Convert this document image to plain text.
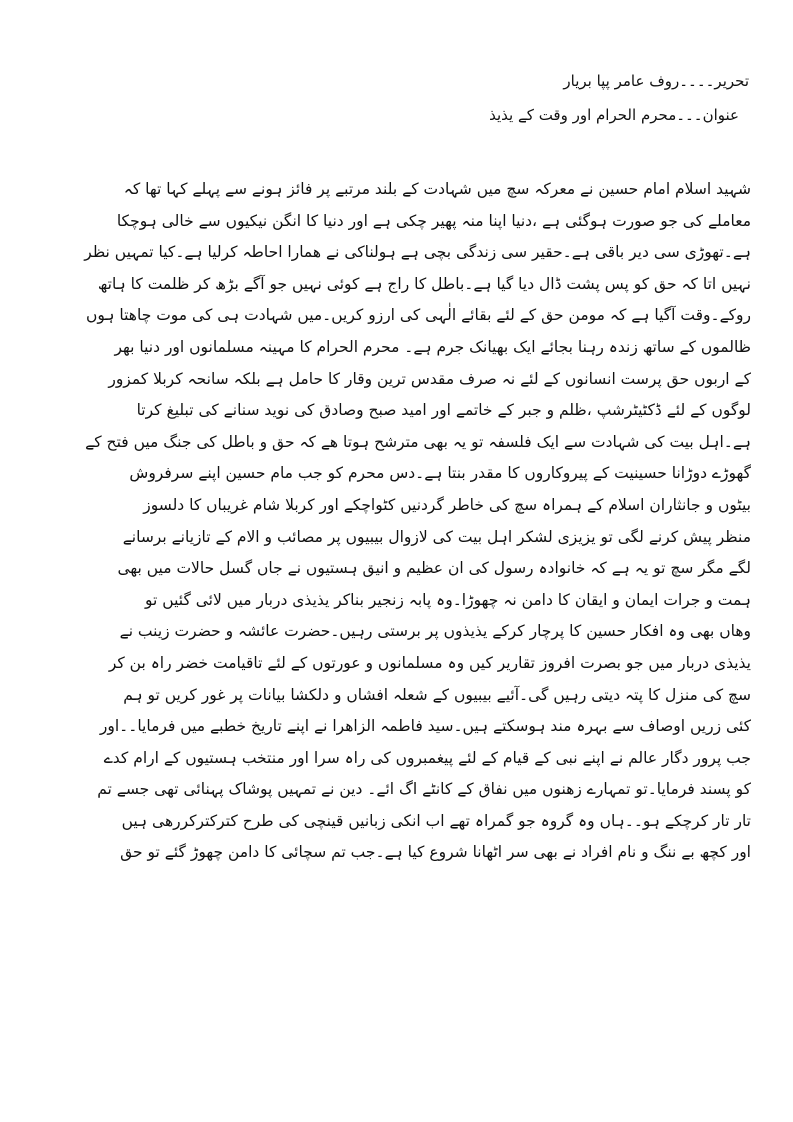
تحریر۔۔۔۔روف عامر پپا بریار
عنوان۔۔۔محرم الحرام اور وقت کے یذیذ
شہید اسلام امام حسین نے معرکہ سچ میں شہادت کے بلند مرتبے پر فائز ہونے سے پہلے کہا تھا کہ
معاملے کی جو صورت ہوگئی ہے ،دنیا اپنا منہ پھیر چکی ہے اور دنیا کا انگن نیکیوں سے خالی ہوچکا
ہے۔تھوڑی سی دیر باقی ہے۔حقیر سی زندگی بچی ہے ہولناکی نے ھمارا احاطہ کرلیا ہے۔کیا تمہیں نظر
نہیں اتا کہ حق کو پس پشت ڈال دیا گیا ہے۔باطل کا راج ہے کوئی نہیں جو آگے بڑھ کر ظلمت کا ہاتھ
روکے۔وقت آگیا ہے کہ مومن حق کے لئے بقائے الٰہی کی ارزو کریں۔میں شہادت ہی کی موت چاھتا ہوں
ظالموں کے ساتھ زندہ رہنا بجائے ایک بھیانک جرم ہے۔ محرم الحرام کا مہینہ مسلمانوں اور دنیا بھر
کے اربوں حق پرست انسانوں کے لئے نہ صرف مقدس ترین وقار کا حامل ہے بلکہ سانحہ کربلا کمزور
لوگوں کے لئے ڈکٹیٹرشپ ،ظلم و جبر کے خاتمے اور امید صبح وصادق کی نوید سنانے کی تبلیغ کرتا
ہے۔اہل بیت کی شہادت سے ایک فلسفہ تو یہ بھی مترشح ہوتا ھے کہ حق و باطل کی جنگ میں فتح کے
گھوڑے دوڑانا حسینیت کے پیروکاروں کا مقدر بنتا ہے۔دس محرم کو جب مام حسین اپنے سرفروش
بیٹوں و جانثاران اسلام کے ہمراہ سچ کی خاطر گردنیں کٹواچکے اور کربلا شام غریباں کا دلسوز
منظر پیش کرنے لگی تو یزیزی لشکر اہل بیت کی لازوال بیبیوں پر مصائب و الام کے تازیانے برسانے
لگے مگر سچ تو یہ ہے کہ خانوادہ رسول کی ان عظیم و انیق ہستیوں نے جاں گسل حالات میں بھی
ہمت و جرات ایمان و ایقان کا دامن نہ چھوڑا۔وہ پابہ زنجیر بناکر یذیذی دربار میں لائی گئیں تو
وھاں بھی وہ افکار حسین کا پرچار کرکے یذیذوں پر برستی رہیں۔حضرت عائشہ و حضرت زینب نے
یذیذی دربار میں جو بصرت افروز تقاریر کیں وہ مسلمانوں و عورتوں کے لئے تاقیامت خضر راہ بن کر
سچ کی منزل کا پتہ دیتی رہیں گی۔آئیے بیبیوں کے شعلہ افشاں و دلکشا بیانات پر غور کریں تو ہم
کئی زریں اوصاف سے بہرہ مند ہوسکتے ہیں۔سید فاطمہ الزاھرا نے اپنے تاریخ خطبے میں فرمایا۔۔اور
جب پرور دگار عالم نے اپنے نبی کے قیام کے لئے پیغمبروں کی راہ سرا اور منتخب ہستیوں کے ارام کدے
کو پسند فرمایا۔تو تمہارے زھنوں میں نفاق کے کانٹے اگ ائے۔ دین نے تمہیں پوشاک پہنائی تھی جسے تم
تار تار کرچکے ہو۔۔ہاں وہ گروہ جو گمراہ تھے اب انکی زبانیں قینچی کی طرح کترکترکررھی ہیں
اور کچھ بے ننگ و نام افراد نے بھی سر اٹھانا شروع کیا ہے۔جب تم سچائی کا دامن چھوڑ گئے تو حق
